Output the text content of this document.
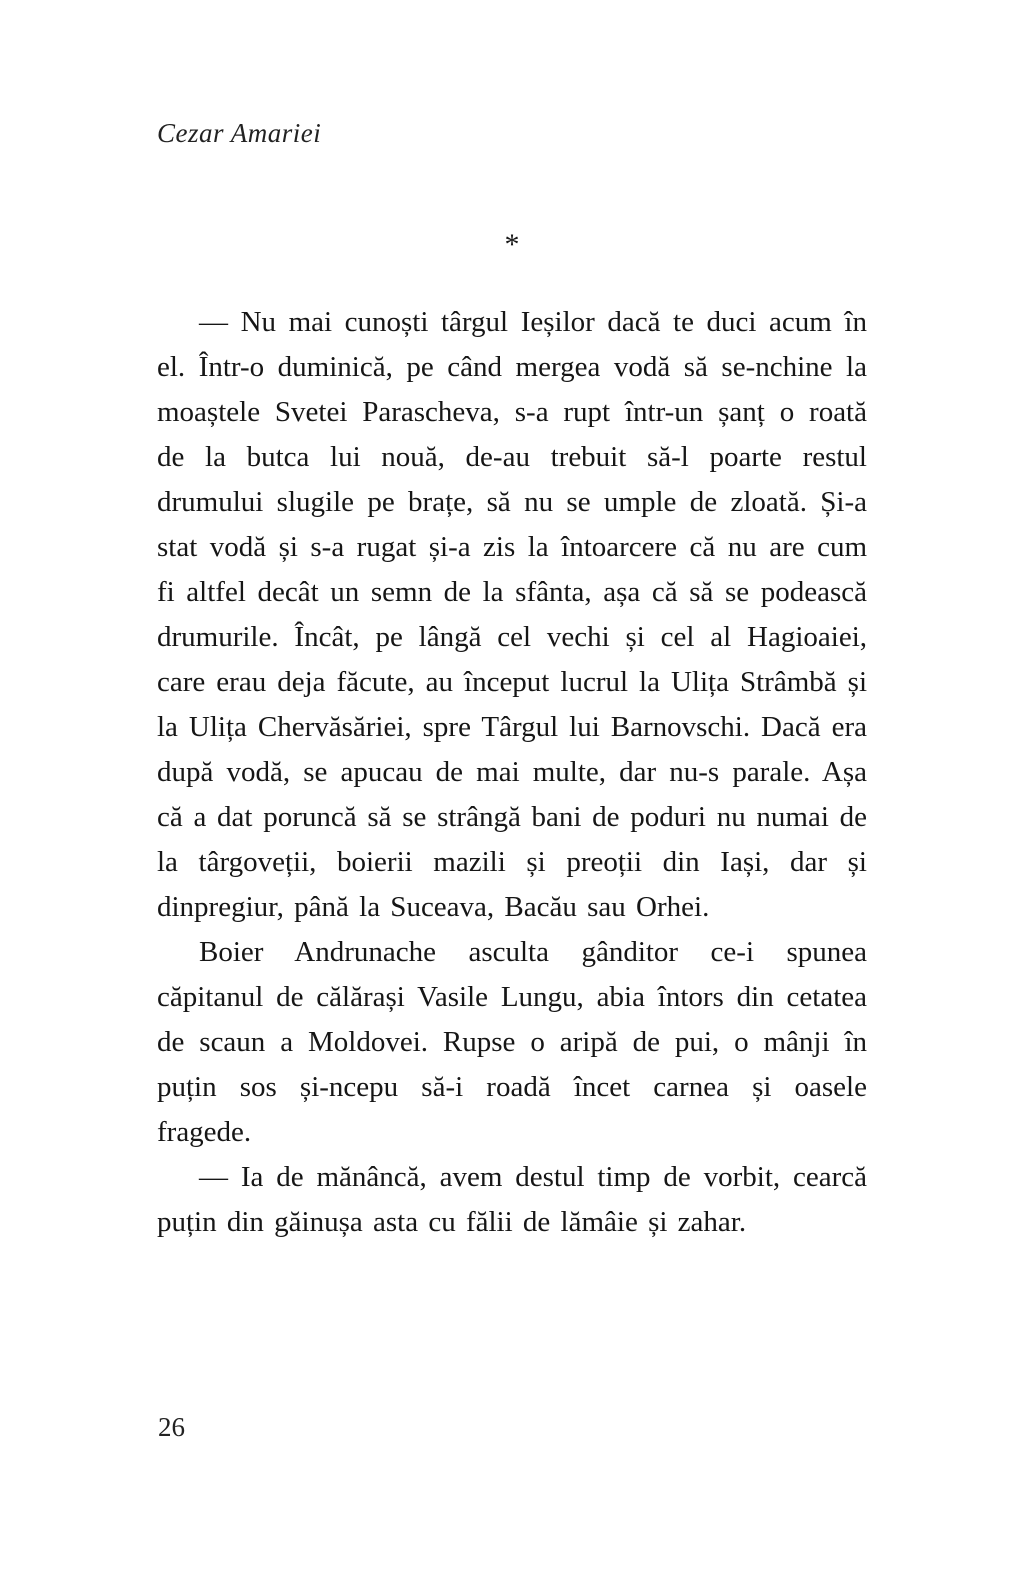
Cezar Amariei
*

— Nu mai cunoști târgul Ieșilor dacă te duci acum în el. Într-o duminică, pe când mergea vodă să se-nchine la moaștele Svetei Parascheva, s-a rupt într-un șanț o roată de la butca lui nouă, de-au trebuit să-l poarte restul drumului slugile pe brațe, să nu se umple de zloată. Și-a stat vodă și s-a rugat și-a zis la întoarcere că nu are cum fi altfel decât un semn de la sfânta, așa că să se podească drumurile. Încât, pe lângă cel vechi și cel al Hagioaiei, care erau deja făcute, au început lucrul la Ulița Strâmbă și la Ulița Chervăsăriei, spre Târgul lui Barnovschi. Dacă era după vodă, se apucau de mai multe, dar nu-s parale. Așa că a dat poruncă să se strângă bani de poduri nu numai de la târgoveții, boierii mazili și preoții din Iași, dar și dinpregiur, până la Suceava, Bacău sau Orhei.

Boier Andrunache asculta gânditor ce-i spunea căpitanul de călărași Vasile Lungu, abia întors din cetatea de scaun a Moldovei. Rupse o aripă de pui, o mânji în puțin sos și-ncepu să-i roadă încet carnea și oasele fragede.

— Ia de mănâncă, avem destul timp de vorbit, cearcă puțin din găinușa asta cu fălii de lămâie și zahar.

26
